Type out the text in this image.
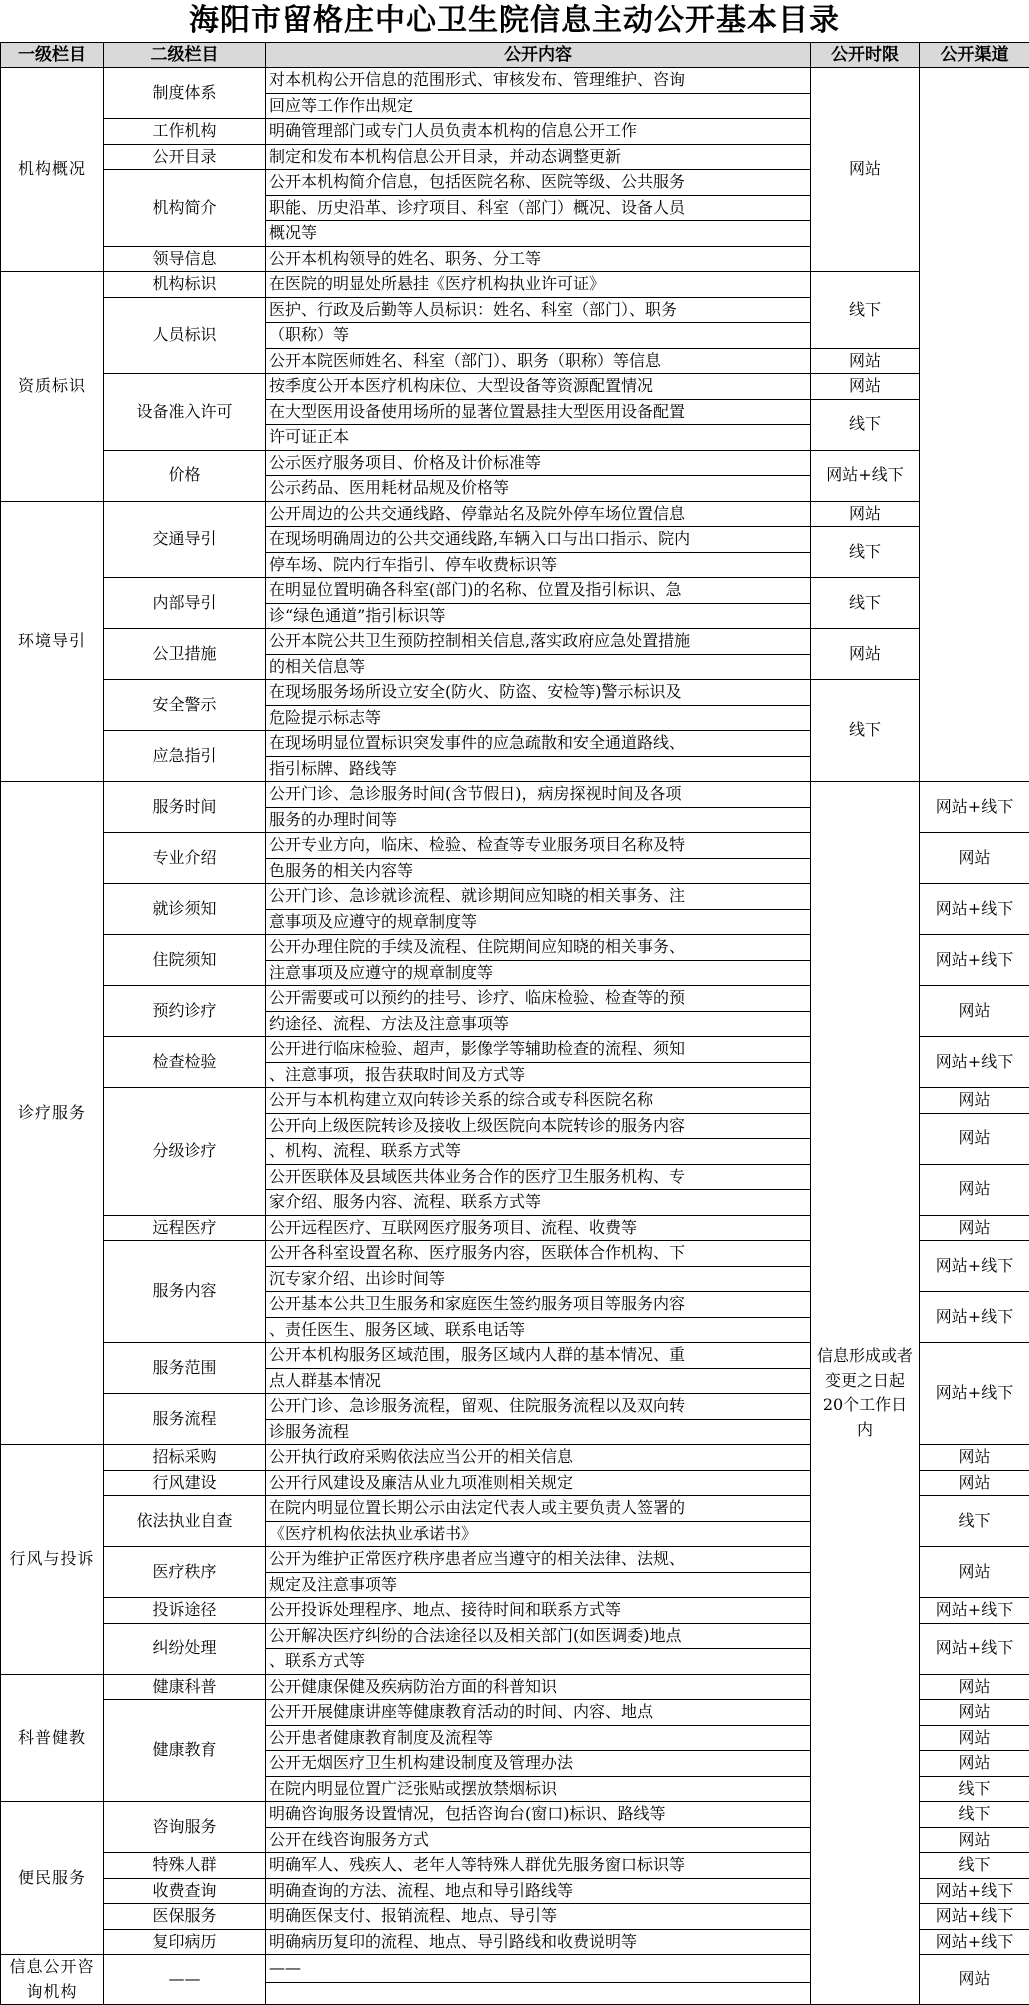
海阳市留格庄中心卫生院信息主动公开基本目录
一级栏目	二级栏目	公开内容	公开时限	公开渠道
机构概况	制度体系	对本机构公开信息的范围形式、审核发布、管理维护、咨询	网站	
		回应等工作作出规定		
	工作机构	明确管理部门或专门人员负责本机构的信息公开工作		
	公开目录	制定和发布本机构信息公开目录，并动态调整更新		
	机构简介	公开本机构简介信息，包括医院名称、医院等级、公共服务		
		职能、历史沿革、诊疗项目、科室（部门）概况、设备人员		
		概况等		
	领导信息	公开本机构领导的姓名、职务、分工等		
资质标识	机构标识	在医院的明显处所悬挂《医疗机构执业许可证》	线下	
	人员标识	医护、行政及后勤等人员标识：姓名、科室（部门）、职务		
		（职称）等		
		公开本院医师姓名、科室（部门）、职务（职称）等信息	网站	
	设备准入许可	按季度公开本医疗机构床位、大型设备等资源配置情况	网站	
		在大型医用设备使用场所的显著位置悬挂大型医用设备配置	线下	
		许可证正本		
	价格	公示医疗服务项目、价格及计价标准等	网站+线下	
		公示药品、医用耗材品规及价格等		
环境导引	交通导引	公开周边的公共交通线路、停靠站名及院外停车场位置信息	网站	
		在现场明确周边的公共交通线路,车辆入口与出口指示、院内	线下	
		停车场、院内行车指引、停车收费标识等		
	内部导引	在明显位置明确各科室(部门)的名称、位置及指引标识、急	线下	
		诊“绿色通道”指引标识等		
	公卫措施	公开本院公共卫生预防控制相关信息,落实政府应急处置措施	网站	
		的相关信息等		
	安全警示	在现场服务场所设立安全(防火、防盗、安检等)警示标识及	线下	
		危险提示标志等		
	应急指引	在现场明显位置标识突发事件的应急疏散和安全通道路线、		
		指引标牌、路线等		
诊疗服务	服务时间	公开门诊、急诊服务时间(含节假日)，病房探视时间及各项	信息形成或者变更之日起20个工作日内	网站+线下
		服务的办理时间等		
	专业介绍	公开专业方向，临床、检验、检查等专业服务项目名称及特		网站
		色服务的相关内容等		
	就诊须知	公开门诊、急诊就诊流程、就诊期间应知晓的相关事务、注		网站+线下
		意事项及应遵守的规章制度等		
	住院须知	公开办理住院的手续及流程、住院期间应知晓的相关事务、		网站+线下
		注意事项及应遵守的规章制度等		
	预约诊疗	公开需要或可以预约的挂号、诊疗、临床检验、检查等的预		网站
		约途径、流程、方法及注意事项等		
	检查检验	公开进行临床检验、超声，影像学等辅助检查的流程、须知		网站+线下
		、注意事项，报告获取时间及方式等		
	分级诊疗	公开与本机构建立双向转诊关系的综合或专科医院名称		网站
		公开向上级医院转诊及接收上级医院向本院转诊的服务内容		网站
		、机构、流程、联系方式等		
		公开医联体及县域医共体业务合作的医疗卫生服务机构、专		网站
		家介绍、服务内容、流程、联系方式等		
	远程医疗	公开远程医疗、互联网医疗服务项目、流程、收费等		网站
	服务内容	公开各科室设置名称、医疗服务内容，医联体合作机构、下		网站+线下
		沉专家介绍、出诊时间等		
		公开基本公共卫生服务和家庭医生签约服务项目等服务内容		网站+线下
		、责任医生、服务区域、联系电话等		
	服务范围	公开本机构服务区域范围，服务区域内人群的基本情况、重		网站+线下
		点人群基本情况		
	服务流程	公开门诊、急诊服务流程，留观、住院服务流程以及双向转		
		诊服务流程		
行风与投诉	招标采购	公开执行政府采购依法应当公开的相关信息		网站
	行风建设	公开行风建设及廉洁从业九项准则相关规定		网站
	依法执业自查	在院内明显位置长期公示由法定代表人或主要负责人签署的		线下
		《医疗机构依法执业承诺书》		
	医疗秩序	公开为维护正常医疗秩序患者应当遵守的相关法律、法规、		网站
		规定及注意事项等		
	投诉途径	公开投诉处理程序、地点、接待时间和联系方式等		网站+线下
	纠纷处理	公开解决医疗纠纷的合法途径以及相关部门(如医调委)地点		网站+线下
		、联系方式等		
科普健教	健康科普	公开健康保健及疾病防治方面的科普知识		网站
	健康教育	公开开展健康讲座等健康教育活动的时间、内容、地点		网站
		公开患者健康教育制度及流程等		网站
		公开无烟医疗卫生机构建设制度及管理办法		网站
		在院内明显位置广泛张贴或摆放禁烟标识		线下
便民服务	咨询服务	明确咨询服务设置情况，包括咨询台(窗口)标识、路线等		线下
		公开在线咨询服务方式		网站
	特殊人群	明确军人、残疾人、老年人等特殊人群优先服务窗口标识等		线下
	收费查询	明确查询的方法、流程、地点和导引路线等		网站+线下
	医保服务	明确医保支付、报销流程、地点、导引等		网站+线下
	复印病历	明确病历复印的流程、地点、导引路线和收费说明等		网站+线下
信息公开咨询机构	——	——		网站
